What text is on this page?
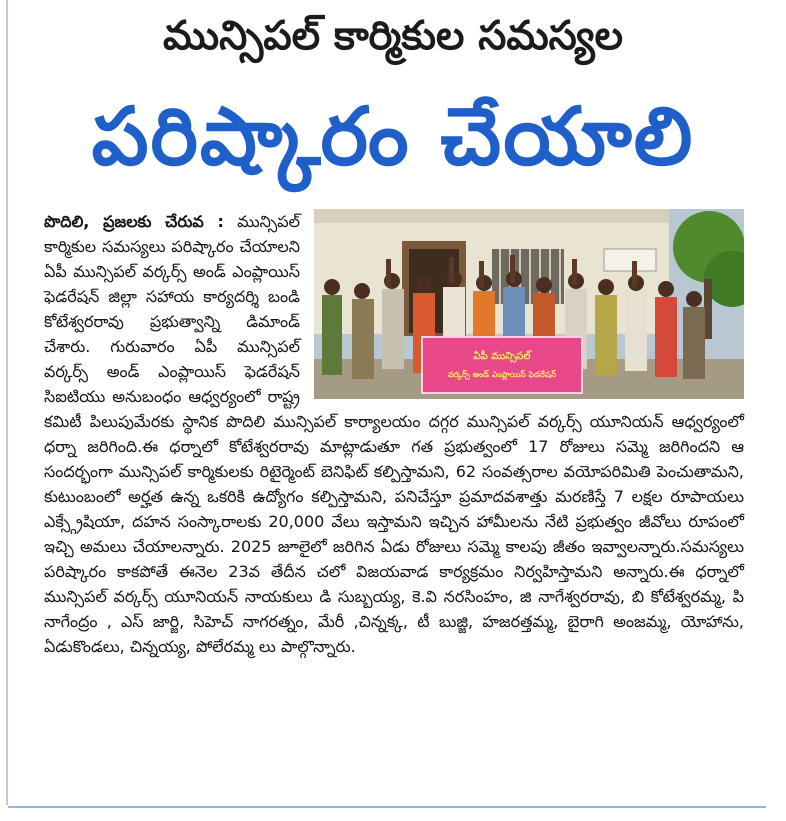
మున్సిపల్ కార్మికుల సమస్యల
పరిష్కారం చేయాలి
ఏపీ మున్సిపల్
వర్కర్స్ అండ్ ఎంప్లాయిస్ ఫెడరేషన్
పొదిలి, ప్రజలకు చేరువ : మున్సిపల్ కార్మికుల సమస్యలు పరిష్కారం చేయాలని ఏపీ మున్సిపల్ వర్కర్స్ అండ్ ఎంప్లాయిస్ ఫెడరేషన్ జిల్లా సహాయ కార్యదర్శి బండి కోటేశ్వరరావు ప్రభుత్వాన్ని డిమాండ్ చేశారు. గురువారం ఏపీ మున్సిపల్ వర్కర్స్ అండ్ ఎంప్లాయిస్ ఫెడరేషన్ సిఐటియు అనుబంధం ఆధ్వర్యంలో రాష్ట్ర కమిటీ పిలుపుమేరకు స్థానిక పొదిలి మున్సిపల్ కార్యాలయం దగ్గర మున్సిపల్ వర్కర్స్ యూనియన్ ఆధ్వర్యంలో ధర్నా జరిగింది.ఈ ధర్నాలో కోటేశ్వరరావు మాట్లాడుతూ గత ప్రభుత్వంలో 17 రోజులు సమ్మె జరిగిందని ఆ సందర్భంగా మున్సిపల్ కార్మికులకు రిటైర్మెంట్ బెనిఫిట్ కల్పిస్తామని, 62 సంవత్సరాల వయోపరిమితి పెంచుతామని, కుటుంబంలో అర్హత ఉన్న ఒకరికి ఉద్యోగం కల్పిస్తామని, పనిచేస్తూ ప్రమాదవశాత్తు మరణిస్తే 7 లక్షల రూపాయలు ఎక్స్గ్రేషియా, దహన సంస్కారాలకు 20,000 వేలు ఇస్తామని ఇచ్చిన హామీలను నేటి ప్రభుత్వం జీవోలు రూపంలో ఇచ్చి అమలు చేయాలన్నారు. 2025 జూలైలో జరిగిన ఏడు రోజులు సమ్మె కాలపు జీతం ఇవ్వాలన్నారు.సమస్యలు పరిష్కారం కాకపోతే ఈనెల 23వ తేదీన చలో విజయవాడ కార్యక్రమం నిర్వహిస్తామని అన్నారు.ఈ ధర్నాలో మున్సిపల్ వర్కర్స్ యూనియన్ నాయకులు డి సుబ్బయ్య, కె.వి నరసింహం, జి నాగేశ్వరరావు, బి కోటేశ్వరమ్మ, పి నాగేంద్రం , ఎస్ జార్జి, సిహెచ్ నాగరత్నం, మేరీ ,చిన్నక్క, టీ బుజ్జి, హజరత్తమ్మ, బైరాగి అంజమ్మ, యోహాను, ఏడుకొండలు, చిన్నయ్య, పోలేరమ్మ లు పాల్గొన్నారు.
